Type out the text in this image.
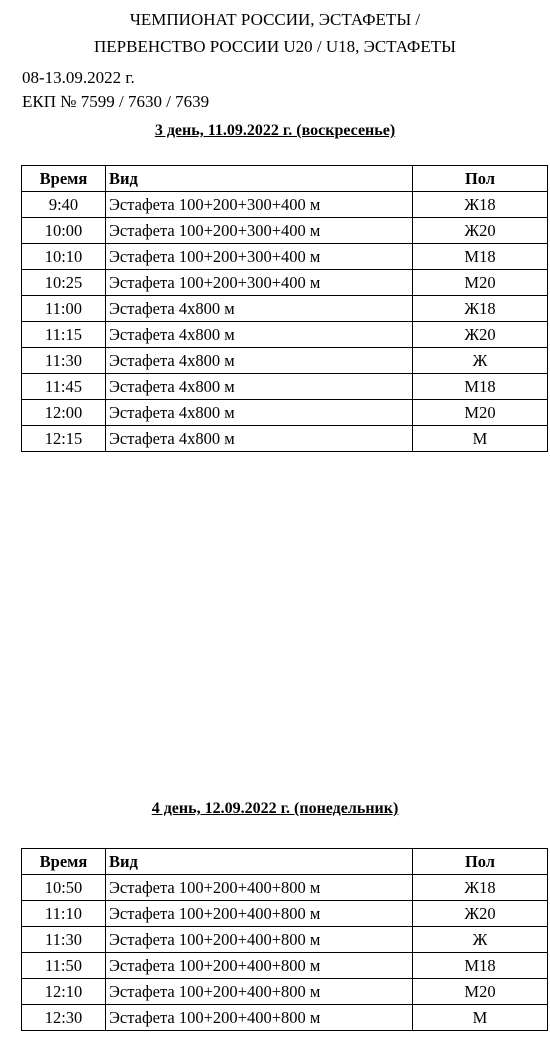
ЧЕМПИОНАТ РОССИИ, ЭСТАФЕТЫ /
ПЕРВЕНСТВО РОССИИ U20 / U18, ЭСТАФЕТЫ
08-13.09.2022 г.
ЕКП № 7599 / 7630 / 7639
3 день, 11.09.2022 г. (воскресенье)
Время	Вид	Пол
9:40	Эстафета 100+200+300+400 м	Ж18
10:00	Эстафета 100+200+300+400 м	Ж20
10:10	Эстафета 100+200+300+400 м	М18
10:25	Эстафета 100+200+300+400 м	М20
11:00	Эстафета 4х800 м	Ж18
11:15	Эстафета 4х800 м	Ж20
11:30	Эстафета 4х800 м	Ж
11:45	Эстафета 4х800 м	М18
12:00	Эстафета 4х800 м	М20
12:15	Эстафета 4х800 м	М
4 день, 12.09.2022 г. (понедельник)
Время	Вид	Пол
10:50	Эстафета 100+200+400+800 м	Ж18
11:10	Эстафета 100+200+400+800 м	Ж20
11:30	Эстафета 100+200+400+800 м	Ж
11:50	Эстафета 100+200+400+800 м	М18
12:10	Эстафета 100+200+400+800 м	М20
12:30	Эстафета 100+200+400+800 м	М
